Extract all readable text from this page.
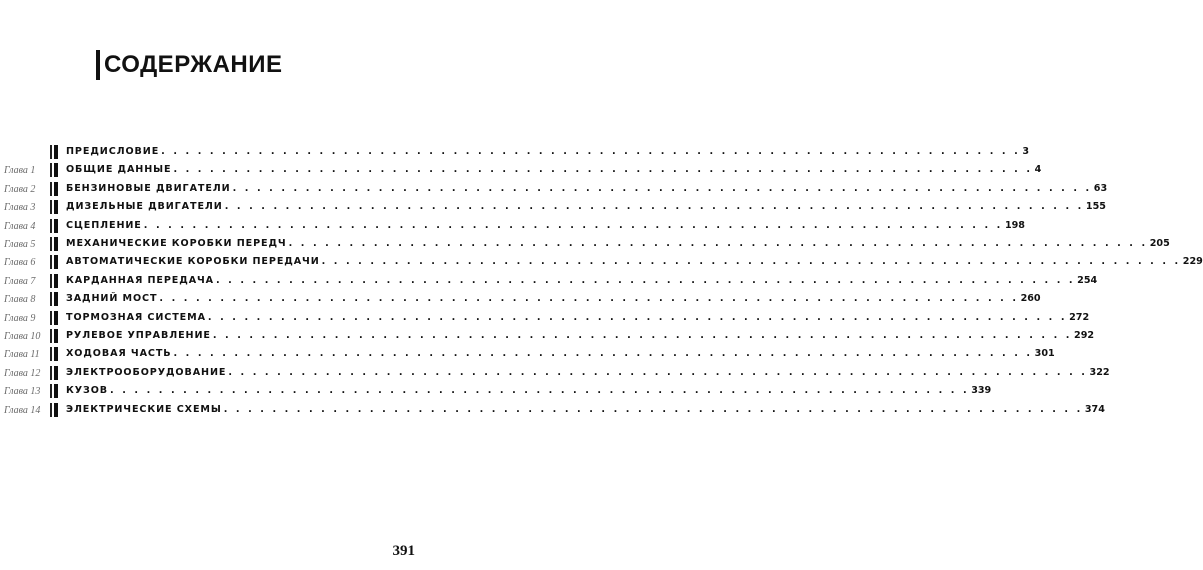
СОДЕРЖАНИЕ
ПРЕДИСЛОВИЕ . . . . . . . . . . . . . . . . . . . . . . . . . . . . . . . . . . . . . . . . . . . . . . . . . . . . . . . . . . . . . . . . . . . . . . . 3
Глава 1	ОБЩИЕ ДАННЫЕ . . . . . . . . . . . . . . . . . . . . . . . . . . . . . . . . . . . . . . . . . . . . . . . . . . . . . . . . . . . . . . . . . . . . . . . 4
Глава 2	БЕНЗИНОВЫЕ ДВИГАТЕЛИ . . . . . . . . . . . . . . . . . . . . . . . . . . . . . . . . . . . . . . . . . . . . . . . . . . . . . . . . . . . . . . . . . . . . . . . 63
Глава 3	ДИЗЕЛЬНЫЕ ДВИГАТЕЛИ . . . . . . . . . . . . . . . . . . . . . . . . . . . . . . . . . . . . . . . . . . . . . . . . . . . . . . . . . . . . . . . . . . . . . . . 155
Глава 4	СЦЕПЛЕНИЕ . . . . . . . . . . . . . . . . . . . . . . . . . . . . . . . . . . . . . . . . . . . . . . . . . . . . . . . . . . . . . . . . . . . . . . . 198
Глава 5	МЕХАНИЧЕСКИЕ КОРОБКИ ПЕРЕДЧ . . . . . . . . . . . . . . . . . . . . . . . . . . . . . . . . . . . . . . . . . . . . . . . . . . . . . . . . . . . . . . . . . . . . . . . 205
Глава 6	АВТОМАТИЧЕСКИЕ КОРОБКИ ПЕРЕДАЧИ . . . . . . . . . . . . . . . . . . . . . . . . . . . . . . . . . . . . . . . . . . . . . . . . . . . . . . . . . . . . . . . . . . . . . . . 229
Глава 7	КАРДАННАЯ ПЕРЕДАЧА . . . . . . . . . . . . . . . . . . . . . . . . . . . . . . . . . . . . . . . . . . . . . . . . . . . . . . . . . . . . . . . . . . . . . . . 254
Глава 8	ЗАДНИЙ МОСТ . . . . . . . . . . . . . . . . . . . . . . . . . . . . . . . . . . . . . . . . . . . . . . . . . . . . . . . . . . . . . . . . . . . . . . . 260
Глава 9	ТОРМОЗНАЯ СИСТЕМА . . . . . . . . . . . . . . . . . . . . . . . . . . . . . . . . . . . . . . . . . . . . . . . . . . . . . . . . . . . . . . . . . . . . . . . 272
Глава 10	РУЛЕВОЕ УПРАВЛЕНИЕ . . . . . . . . . . . . . . . . . . . . . . . . . . . . . . . . . . . . . . . . . . . . . . . . . . . . . . . . . . . . . . . . . . . . . . . 292
Глава 11	ХОДОВАЯ ЧАСТЬ . . . . . . . . . . . . . . . . . . . . . . . . . . . . . . . . . . . . . . . . . . . . . . . . . . . . . . . . . . . . . . . . . . . . . . . 301
Глава 12	ЭЛЕКТРООБОРУДОВАНИЕ . . . . . . . . . . . . . . . . . . . . . . . . . . . . . . . . . . . . . . . . . . . . . . . . . . . . . . . . . . . . . . . . . . . . . . . 322
Глава 13	КУЗОВ . . . . . . . . . . . . . . . . . . . . . . . . . . . . . . . . . . . . . . . . . . . . . . . . . . . . . . . . . . . . . . . . . . . . . . . 339
Глава 14	ЭЛЕКТРИЧЕСКИЕ СХЕМЫ . . . . . . . . . . . . . . . . . . . . . . . . . . . . . . . . . . . . . . . . . . . . . . . . . . . . . . . . . . . . . . . . . . . . . . . 374
391
